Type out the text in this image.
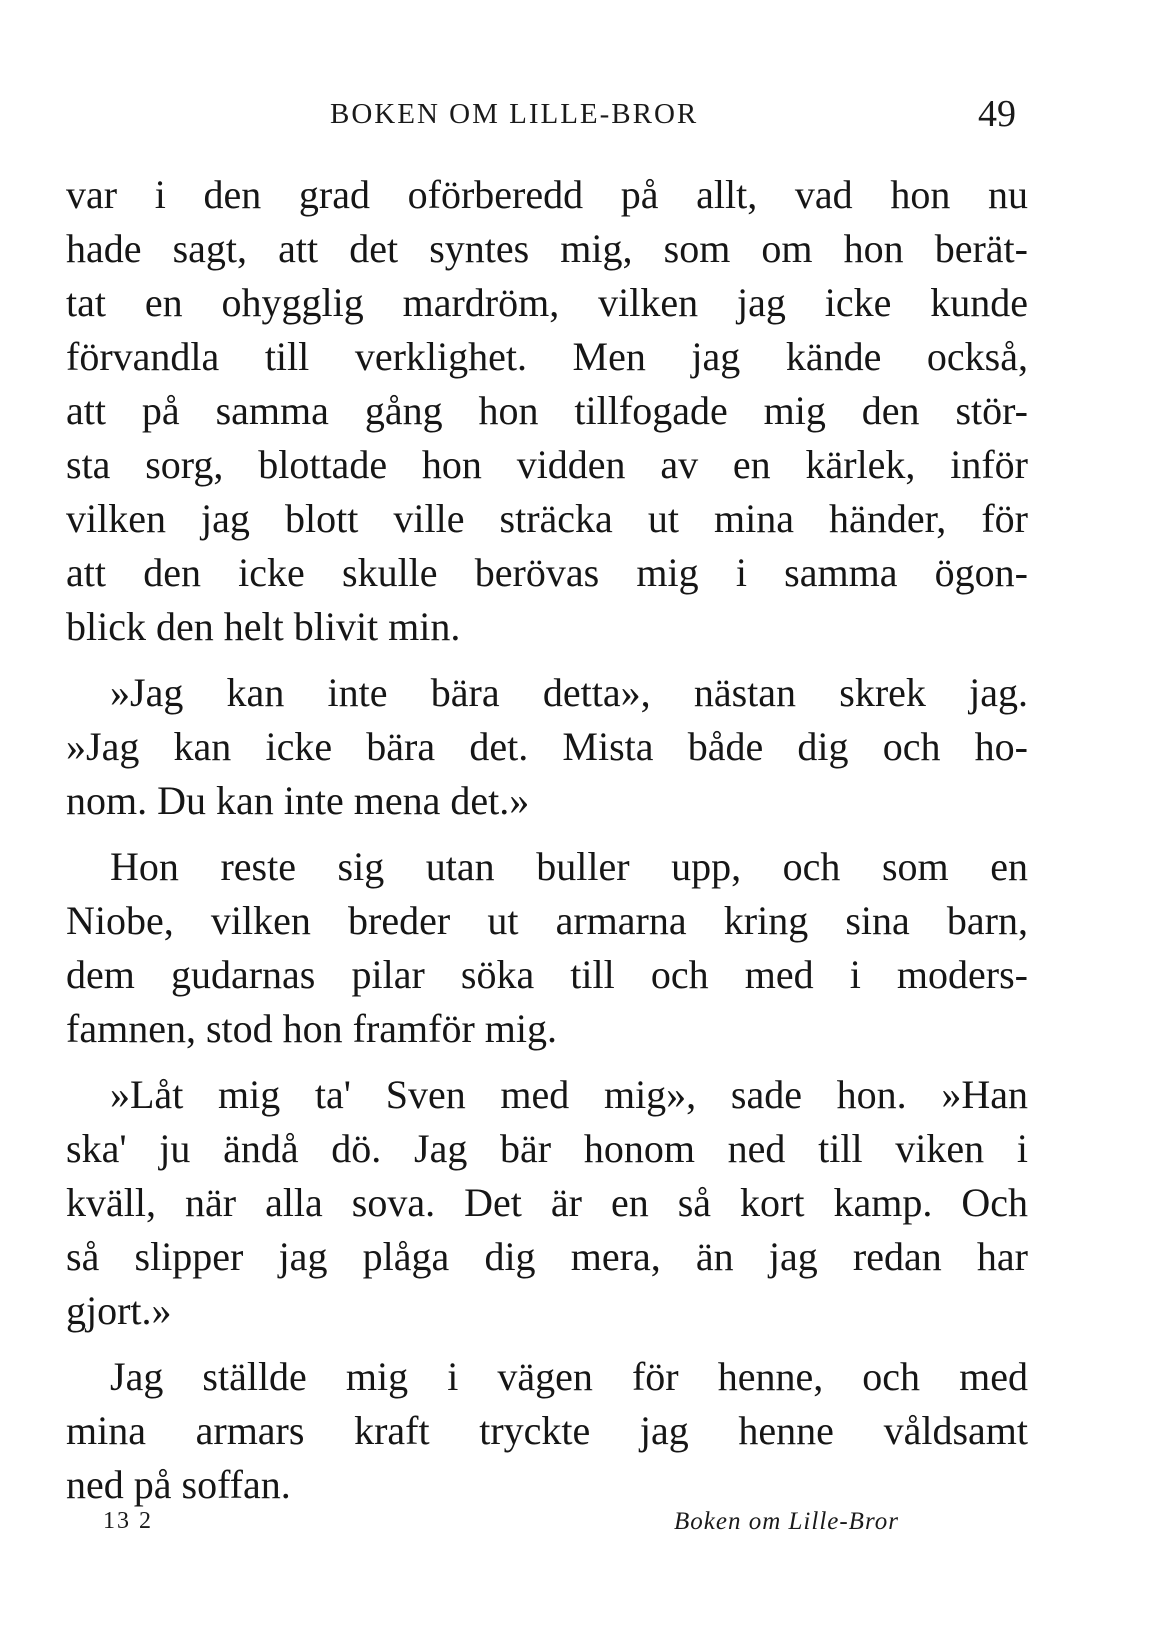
BOKEN OM LILLE-BROR	49
var i den grad oförberedd på allt, vad hon nu
hade sagt, att det syntes mig, som om hon berät-
tat en ohygglig mardröm, vilken jag icke kunde
förvandla till verklighet. Men jag kände också,
att på samma gång hon tillfogade mig den stör-
sta sorg, blottade hon vidden av en kärlek, inför
vilken jag blott ville sträcka ut mina händer, för
att den icke skulle berövas mig i samma ögon-
blick den helt blivit min.
»Jag kan inte bära detta», nästan skrek jag.
»Jag kan icke bära det. Mista både dig och ho-
nom. Du kan inte mena det.»
Hon reste sig utan buller upp, och som en
Niobe, vilken breder ut armarna kring sina barn,
dem gudarnas pilar söka till och med i moders-
famnen, stod hon framför mig.
»Låt mig ta' Sven med mig», sade hon. »Han
ska' ju ändå dö. Jag bär honom ned till viken i
kväll, när alla sova. Det är en så kort kamp. Och
så slipper jag plåga dig mera, än jag redan har
gjort.»
Jag ställde mig i vägen för henne, och med
mina armars kraft tryckte jag henne våldsamt
ned på soffan.
13 2	Boken om Lille-Bror
